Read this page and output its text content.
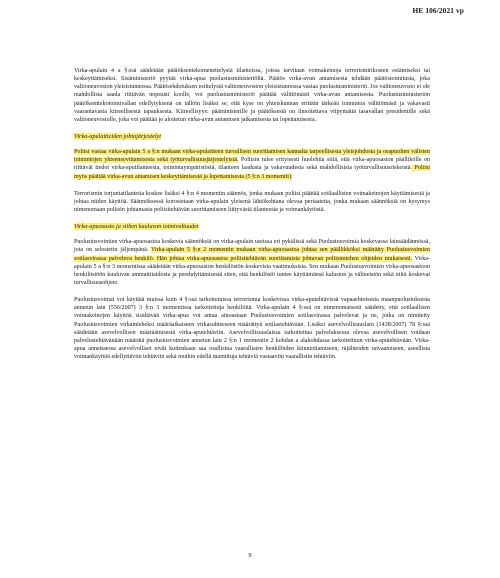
HE 106/2021 vp

Virka-apulain 4 a §:ssä säädetään päätöksentekomenettelystä tilanteissa, joissa tarvitaan voimakeinoja terrorismirikosten estämiseksi tai keskeyttämiseksi. Sisäministeriö pyytää virka-apua puolustusministeriöltä. Päätös virka-avun antamisesta tehdään päätöstoimitusta, joka valtioneuvoston yleisistunnossa. Päätösehdotuksen esittelystä valtioneuvoston yleisistunnossa vastaa puolustusministeriö. Jos valtioneuvosto ei ole mahdollista saada riittävän nopeasti koolle, voi puolustusministeriö päättää välittömästi virka-avun antamisesta. Puolustusministeriön päätöksentekotoimivallan edellytyksenä on tällöin lisäksi se, että kyse on yhteiskunnan erittäin tärkeää toimintoa välittömästi ja vakavasti vaarantavasta kiireellisestä tapauksesta. Kiireellisyys: pääministerille ja päätöksestä on ilmoitettava viipymättä tasavallan presidentille sekä valtioneuvostolle, joka voi päättää jo aloitetun virka-avun antamisen jatkamisesta tai lopettamisesta.

Virka-apulaitteiden johtojärjestelyt

Poliisi vastaa virka-apulain 5 a §:n mukaan virka-apulaitteen turvallisen suorittamisen kannalta tarpeellisesta yleisjohdosta ja osapuolten välisten toimintojen yhteensovittamisesta sekä työturvallisuusjärjestelyistä. Poliisin tulee erityisesti huolehtia siitä, että virka-apuosaston päällikölle on riittävät tiedot virka-aputilanteesta, toimintaympäristöstä, tilanteen laadusta ja vakavuudesta sekä mahdollisista työturvallisuusriskeistä. Poliisi myös päättää virka-avun antamisen keskeyttämisestä ja lopettamisesta (5 §:n 3 momentti).

Terrorismin torjuntatilanteita koskee lisäksi 4 §:n 4 momentin säännös, jonka mukaan poliisi päättää sotilaallisten voimakeinojen käyttämisestä ja johtaa niiden käyttöä. Säännöksessä korostetaan virka-apulain yleisenä lähtökohtana olevaa periaatetta, jonka mukaan säännöksiä on kysymys nimenomaan poliisin johtamasta poliisitehtävän suorittamiseen liittyvästä tilanteesta ja voimankäytöstä.

Virka-apuosasto ja siihen kuuluvan toimivaltuudet

Puolustusvoimien virka-apuosastoa koskevia säännöksiä on virka-apulain useissa eri pykälissä sekä Puolustusvoimia koskevassa lainsäädännössä, jota on selostettu jäljempänä. Virka-apulain 5 §:n 2 momentin mukaan virka-apuosastoa johtaa sen päällikköksi määrätty Puolustusvoimien sotilasvirassa palveleva henkilö. Hän johtaa virka-apuosastoa poliisitehtävän suorittamista johtavan poliisimiehen ohjeiden mukaisesti. Virka-apulain 5 a §:n 3 momentissa säädetään virka-apuosaston henkilöstön koskevista vaatimuksista. Sen mukaan Puolustusvoimien virka-apuosastoon henkilöstöön kuuluvan ammattitaidosta ja perehdyttämisestä siten, että henkilöstö tuntee käyttämänsä kaluston ja välineistön sekä niitä koskevat turvallisuusohjeet.

Puolustusvoimat voi käyttää muissa kuin 4 §:ssä tarkoitetuissa terrorismia koskevissa virka-aputehtävissä vapaaehtoisesta maanpuolustuksesta annetun lain (556/2007) 3 §:n 3 momentissa tarkoitettuja henkilöitä. Virka-apulain 4 §:ssä on nimenomaisesti säädetty, että sotilaallisen voimakeinojen käyttöä sisältävää virka-apua voi antaa ainoastaan Puolustusvoimien sotilasvirassa palvelevat ja ne, jotka on nimitetty Puolustusvoimien virkamieheksi määräaikaiseen virkasuhteeseen määrättyä sotilastehtävään. Lisäksi asevelvollisuuslain (1438/2007) 78 §:ssä säädetään asevelvollisen määräämisestä virka-aputehtäviin. Asevelvollisuuslaissa tarkoitettua palveluksessa olevaa asevelvollisen voidaan palvelustehtävänään määrätä puolustusvoimien annetun lain 2 §:n 1 momentin 2 kohdan a alakohdassa tarkoitettuun virka-aputehtävään. Virka-apua annettaessa asevelvolliset eivät kuitenkaan saa osallistua vaarallisten henkilöiden kiinniottamiseen, räjähteiden raivaamiseen, aseellista voimankäyttöä edellyttäviin tehtäviin sekä muihin edellä mainittuja tehtäviä vastaaviin vaarallisiin tehtäviin.

9
